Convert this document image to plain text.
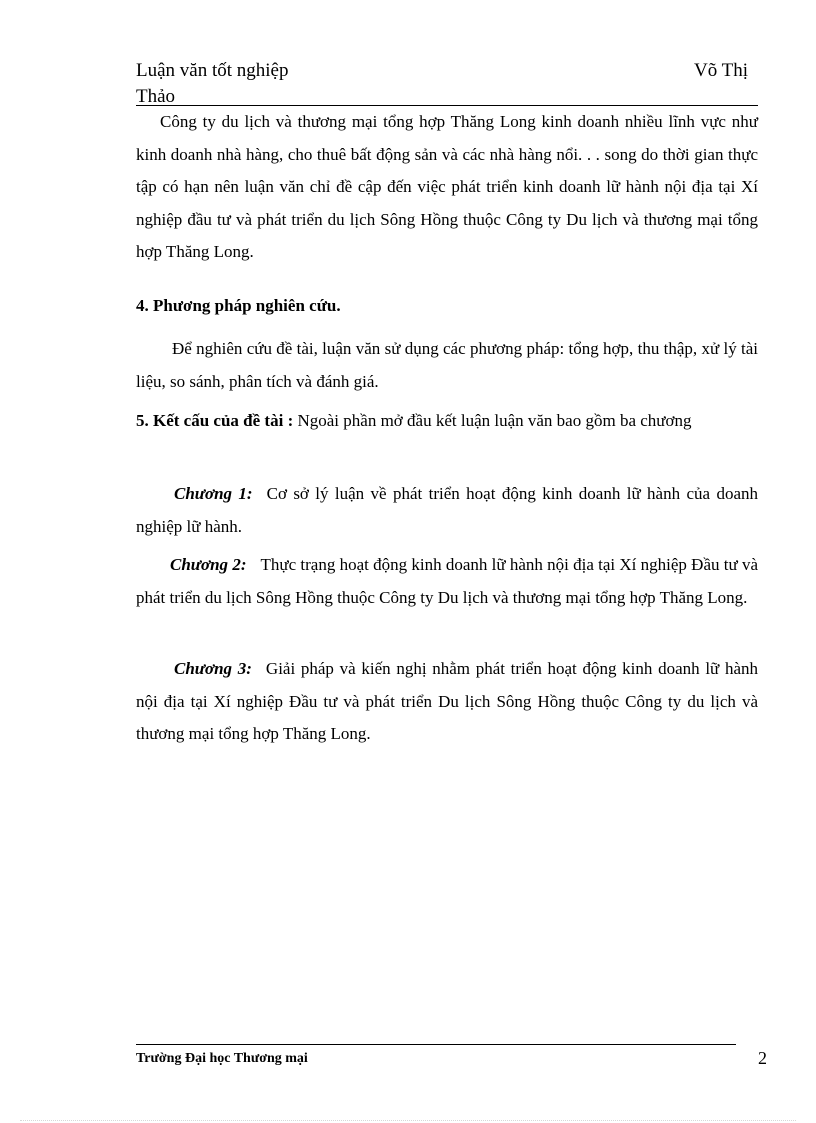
Luận văn tốt nghiệp
Thảo
Võ Thị
Công ty du lịch và thương mại tổng hợp Thăng Long kinh doanh nhiều lĩnh vực như kinh doanh nhà hàng, cho thuê bất động sản và các nhà hàng nổi. . . song do thời gian thực tập có hạn nên luận văn chỉ đề cập đến việc phát triển kinh doanh lữ hành nội địa tại Xí nghiệp đầu tư và phát triển du lịch Sông Hồng thuộc Công ty Du lịch và thương mại tổng hợp Thăng Long.
4. Phương pháp nghiên cứu.
Để nghiên cứu đề tài, luận văn sử dụng các phương pháp: tổng hợp, thu thập, xử lý tài liệu, so sánh, phân tích và đánh giá.
5. Kết cấu của đề tài : Ngoài phần mở đầu kết luận luận văn bao gồm ba chương
Chương 1: Cơ sở lý luận về phát triển hoạt động kinh doanh lữ hành của doanh nghiệp lữ hành.
Chương 2: Thực trạng hoạt động kinh doanh lữ hành nội địa tại Xí nghiệp Đầu tư và phát triển du lịch Sông Hồng thuộc Công ty Du lịch và thương mại tổng hợp Thăng Long.
Chương 3: Giải pháp và kiến nghị nhằm phát triển hoạt động kinh doanh lữ hành nội địa tại Xí nghiệp Đầu tư và phát triển Du lịch Sông Hồng thuộc Công ty du lịch và thương mại tổng hợp Thăng Long.
Trường Đại học Thương mại	2
